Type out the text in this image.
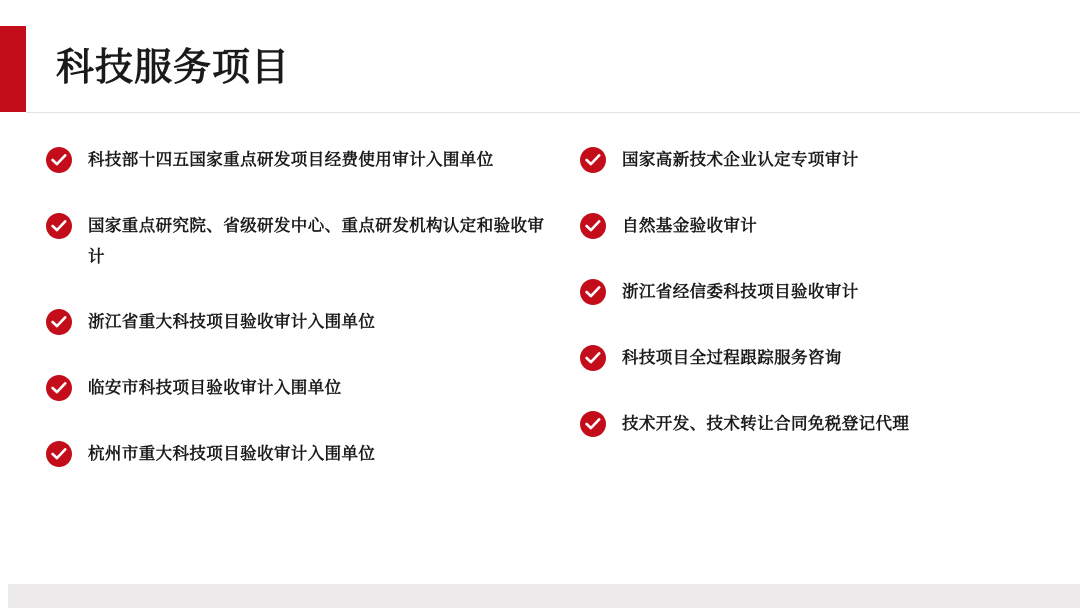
科技服务项目
科技部十四五国家重点研发项目经费使用审计入围单位
国家重点研究院、省级研发中心、重点研发机构认定和验收审计
浙江省重大科技项目验收审计入围单位
临安市科技项目验收审计入围单位
杭州市重大科技项目验收审计入围单位
国家高新技术企业认定专项审计
自然基金验收审计
浙江省经信委科技项目验收审计
科技项目全过程跟踪服务咨询
技术开发、技术转让合同免税登记代理
